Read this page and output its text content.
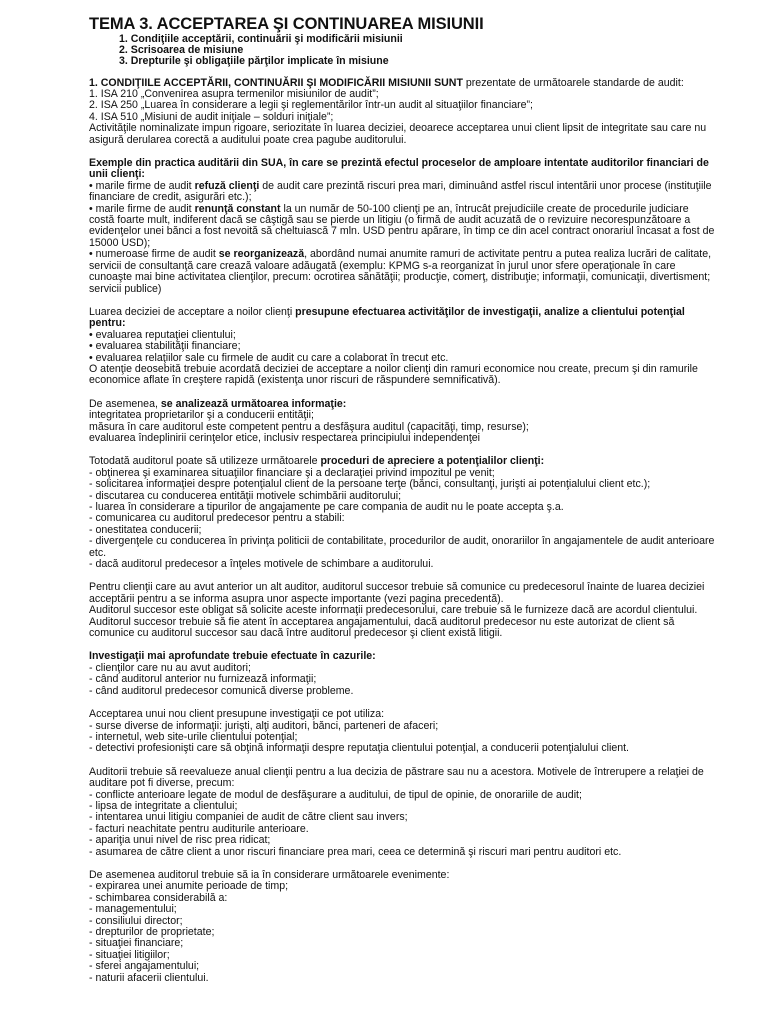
TEMA 3. ACCEPTAREA ŞI CONTINUAREA MISIUNII
1. Condiţiile acceptării, continuării şi modificării misiunii
2. Scrisoarea de misiune
3. Drepturile şi obligaţiile părţilor implicate în misiune

1. CONDIŢIILE ACCEPTĂRII, CONTINUĂRII ŞI MODIFICĂRII MISIUNII SUNT prezentate de următoarele standarde de audit:

1. ISA 210 „Convenirea asupra termenilor misiunilor de audit”;
2. ISA 250 „Luarea în considerare a legii şi reglementărilor într-un audit al situaţiilor financiare”;
4. ISA 510 „Misiuni de audit iniţiale – solduri iniţiale”;

Activităţile nominalizate impun rigoare, seriozitate în luarea deciziei, deoarece acceptarea unui client lipsit de integritate sau care nu asigură derularea corectă a auditului poate crea pagube auditorului.

Exemple din practica auditării din SUA, în care se prezintă efectul proceselor de amploare intentate auditorilor financiari de unii clienţi:

• marile firme de audit refuză clienţi de audit care prezintă riscuri prea mari, diminuând astfel riscul intentării unor procese (instituţiile financiare de credit, asigurări etc.);

• marile firme de audit renunţă constant la un număr de 50-100 clienţi pe an, întrucât prejudiciile create de procedurile judiciare costă foarte mult, indiferent dacă se câştigă sau se pierde un litigiu (o firmă de audit acuzată de o revizuire necorespunzătoare a evidenţelor unei bănci a fost nevoită să cheltuiască 7 mln. USD pentru apărare, în timp ce din acel contract onorariul încasat a fost de 15000 USD);

• numeroase firme de audit se reorganizează, abordând numai anumite ramuri de activitate pentru a putea realiza lucrări de calitate, servicii de consultanţă care crează valoare adăugată (exemplu: KPMG s-a reorganizat în jurul unor sfere operaţionale în care cunoaşte mai bine activitatea clienţilor, precum: ocrotirea sănătăţii; producţie, comerţ, distribuţie; informaţii, comunicaţii, divertisment; servicii publice)

Luarea deciziei de acceptare a noilor clienţi presupune efectuarea activităţilor de investigaţii, analize a clientului potenţial pentru:

• evaluarea reputaţiei clientului;
• evaluarea stabilităţii financiare;
• evaluarea relaţiilor sale cu firmele de audit cu care a colaborat în trecut etc.

O atenţie deosebită trebuie acordată deciziei de acceptare a noilor clienţi din ramuri economice nou create, precum şi din ramurile economice aflate în creştere rapidă (existenţa unor riscuri de răspundere semnificativă).

De asemenea, se analizează următoarea informaţie:

integritatea proprietarilor şi a conducerii entităţii;
măsura în care auditorul este competent pentru a desfăşura auditul (capacităţi, timp, resurse);
evaluarea îndeplinirii cerinţelor etice, inclusiv respectarea principiului independenţei

Totodată auditorul poate să utilizeze următoarele proceduri de apreciere a potenţialilor clienţi:

- obţinerea şi examinarea situaţiilor financiare şi a declaraţiei privind impozitul pe venit;
- solicitarea informaţiei despre potenţialul client de la persoane terţe (bănci, consultanţi, jurişti ai potenţialului client etc.);
- discutarea cu conducerea entităţii motivele schimbării auditorului;
- luarea în considerare a tipurilor de angajamente pe care compania de audit nu le poate accepta ş.a.
- comunicarea cu auditorul predecesor pentru a stabili:
- onestitatea conducerii;
- divergenţele cu conducerea în privinţa politicii de contabilitate, procedurilor de audit, onorariilor în angajamentele de audit anterioare etc.
- dacă auditorul predecesor a înţeles motivele de schimbare a auditorului.

Pentru clienţii care au avut anterior un alt auditor, auditorul succesor trebuie să comunice cu predecesorul înainte de luarea deciziei acceptării pentru a se informa asupra unor aspecte importante (vezi pagina precedentă).

Auditorul succesor este obligat să solicite aceste informaţii predecesorului, care trebuie să le furnizeze dacă are acordul clientului. Auditorul succesor trebuie să fie atent în acceptarea angajamentului, dacă auditorul predecesor nu este autorizat de client să comunice cu auditorul succesor sau dacă între auditorul predecesor şi client există litigii.

Investigaţii mai aprofundate trebuie efectuate în cazurile:

- clienţilor care nu au avut auditori;
- când auditorul anterior nu furnizează informaţii;
- când auditorul predecesor comunică diverse probleme.

Acceptarea unui nou client presupune investigaţii ce pot utiliza:

- surse diverse de informaţii: jurişti, alţi auditori, bănci, parteneri de afaceri;
- internetul, web site-urile clientului potenţial;
- detectivi profesionişti care să obţină informaţii despre reputaţia clientului potenţial, a conducerii potenţialului client.

Auditorii trebuie să reevalueze anual clienţii pentru a lua decizia de păstrare sau nu a acestora. Motivele de întrerupere a relaţiei de auditare pot fi diverse, precum:

- conflicte anterioare legate de modul de desfăşurare a auditului, de tipul de opinie, de onorariile de audit;
- lipsa de integritate a clientului;
- intentarea unui litigiu companiei de audit de către client sau invers;
- facturi neachitate pentru auditurile anterioare.
- apariţia unui nivel de risc prea ridicat;
- asumarea de către client a unor riscuri financiare prea mari, ceea ce determină şi riscuri mari pentru auditori etc.

De asemenea auditorul trebuie să ia în considerare următoarele evenimente:

- expirarea unei anumite perioade de timp;
- schimbarea considerabilă a:
- managementului;
- consiliului director;
- drepturilor de proprietate;
- situaţiei financiare;
- situaţiei litigiilor;
- sferei angajamentului;
- naturii afacerii clientului.
